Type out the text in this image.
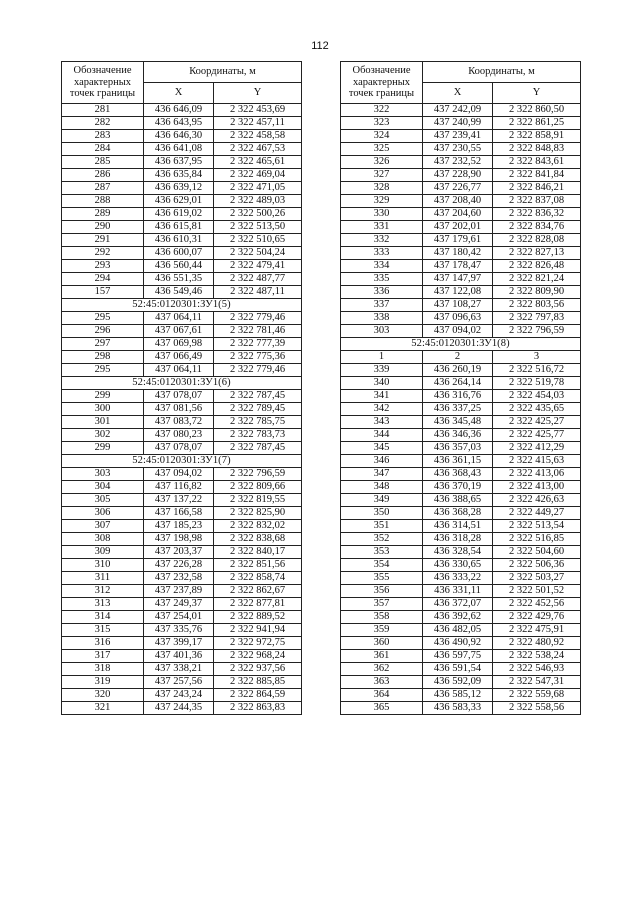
112
Обозначение характерных точек границы	Координаты, м	
	X	Y
281	436 646,09	2 322 453,69
282	436 643,95	2 322 457,11
283	436 646,30	2 322 458,58
284	436 641,08	2 322 467,53
285	436 637,95	2 322 465,61
286	436 635,84	2 322 469,04
287	436 639,12	2 322 471,05
288	436 629,01	2 322 489,03
289	436 619,02	2 322 500,26
290	436 615,81	2 322 513,50
291	436 610,31	2 322 510,65
292	436 600,07	2 322 504,24
293	436 560,44	2 322 479,41
294	436 551,35	2 322 487,77
157	436 549,46	2 322 487,11
52:45:0120301:ЗУ1(5)		
295	437 064,11	2 322 779,46
296	437 067,61	2 322 781,46
297	437 069,98	2 322 777,39
298	437 066,49	2 322 775,36
295	437 064,11	2 322 779,46
52:45:0120301:ЗУ1(6)		
299	437 078,07	2 322 787,45
300	437 081,56	2 322 789,45
301	437 083,72	2 322 785,75
302	437 080,23	2 322 783,73
299	437 078,07	2 322 787,45
52:45:0120301:ЗУ1(7)		
303	437 094,02	2 322 796,59
304	437 116,82	2 322 809,66
305	437 137,22	2 322 819,55
306	437 166,58	2 322 825,90
307	437 185,23	2 322 832,02
308	437 198,98	2 322 838,68
309	437 203,37	2 322 840,17
310	437 226,28	2 322 851,56
311	437 232,58	2 322 858,74
312	437 237,89	2 322 862,67
313	437 249,37	2 322 877,81
314	437 254,01	2 322 889,52
315	437 335,76	2 322 941,94
316	437 399,17	2 322 972,75
317	437 401,36	2 322 968,24
318	437 338,21	2 322 937,56
319	437 257,56	2 322 885,85
320	437 243,24	2 322 864,59
321	437 244,35	2 322 863,83
Обозначение характерных точек границы	Координаты, м	
	X	Y
322	437 242,09	2 322 860,50
323	437 240,99	2 322 861,25
324	437 239,41	2 322 858,91
325	437 230,55	2 322 848,83
326	437 232,52	2 322 843,61
327	437 228,90	2 322 841,84
328	437 226,77	2 322 846,21
329	437 208,40	2 322 837,08
330	437 204,60	2 322 836,32
331	437 202,01	2 322 834,76
332	437 179,61	2 322 828,08
333	437 180,42	2 322 827,13
334	437 178,47	2 322 826,48
335	437 147,97	2 322 821,24
336	437 122,08	2 322 809,90
337	437 108,27	2 322 803,56
338	437 096,63	2 322 797,83
303	437 094,02	2 322 796,59
52:45:0120301:ЗУ1(8)		
1	2	3
339	436 260,19	2 322 516,72
340	436 264,14	2 322 519,78
341	436 316,76	2 322 454,03
342	436 337,25	2 322 435,65
343	436 345,48	2 322 425,27
344	436 346,36	2 322 425,77
345	436 357,03	2 322 412,29
346	436 361,15	2 322 415,63
347	436 368,43	2 322 413,06
348	436 370,19	2 322 413,00
349	436 388,65	2 322 426,63
350	436 368,28	2 322 449,27
351	436 314,51	2 322 513,54
352	436 318,28	2 322 516,85
353	436 328,54	2 322 504,60
354	436 330,65	2 322 506,36
355	436 333,22	2 322 503,27
356	436 331,11	2 322 501,52
357	436 372,07	2 322 452,56
358	436 392,62	2 322 429,76
359	436 482,05	2 322 475,91
360	436 490,92	2 322 480,92
361	436 597,75	2 322 538,24
362	436 591,54	2 322 546,93
363	436 592,09	2 322 547,31
364	436 585,12	2 322 559,68
365	436 583,33	2 322 558,56
